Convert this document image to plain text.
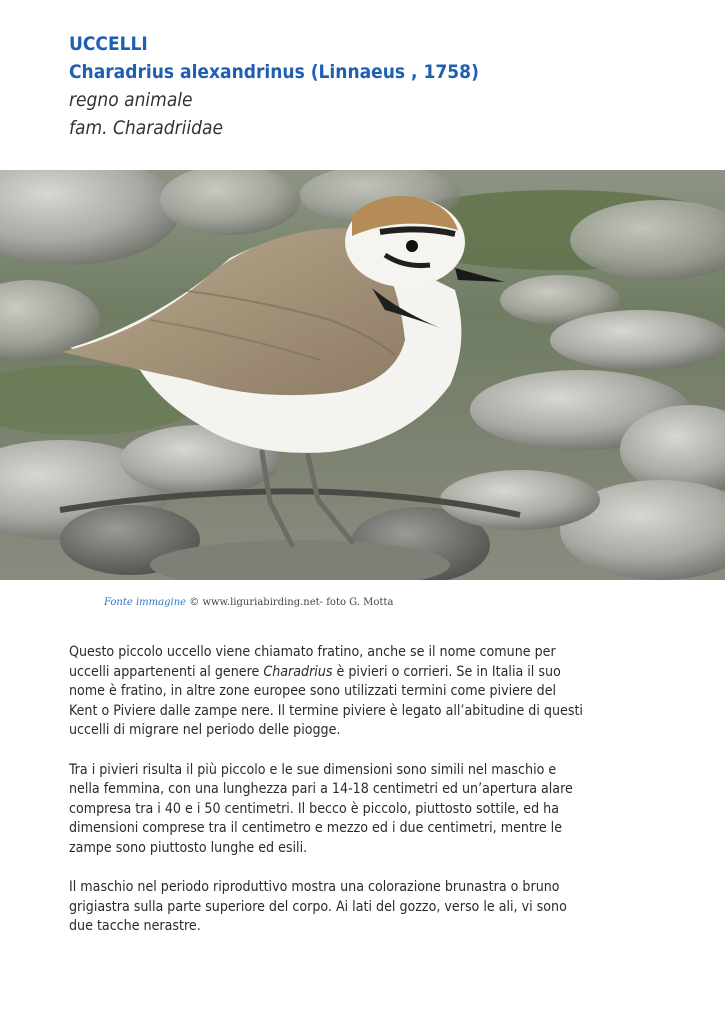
UCCELLI
Charadrius alexandrinus (Linnaeus , 1758)
regno animale
fam. Charadriidae
Fonte immagine © www.liguriabirding.net- foto G. Motta
Questo piccolo uccello viene chiamato fratino, anche se il nome comune per
uccelli appartenenti al genere Charadrius è pivieri o corrieri. Se in Italia il suo
nome è fratino, in altre zone europee sono utilizzati termini come piviere del
Kent o Piviere dalle zampe nere. Il termine piviere è legato all’abitudine di questi
uccelli di migrare nel periodo delle piogge.
Tra i pivieri risulta il più piccolo e le sue dimensioni sono simili nel maschio e
nella femmina, con una lunghezza pari a 14-18 centimetri ed un’apertura alare
compresa tra i 40 e i 50 centimetri. Il becco è piccolo, piuttosto sottile, ed ha
dimensioni comprese tra il centimetro e mezzo ed i due centimetri, mentre le
zampe sono piuttosto lunghe ed esili.
Il maschio nel periodo riproduttivo mostra una colorazione brunastra o bruno
grigiastra sulla parte superiore del corpo. Ai lati del gozzo, verso le ali, vi sono
due tacche nerastre.
